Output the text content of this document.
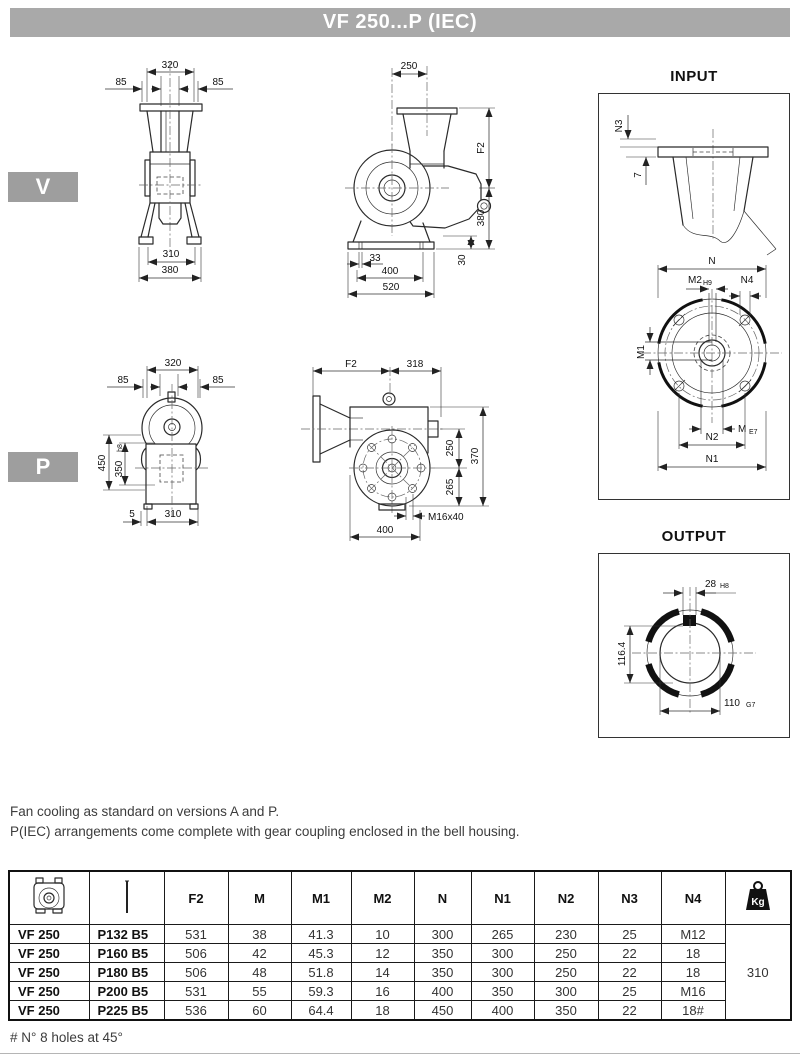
VF 250...P (IEC)
V
P
320
85	85
310
380
250
F2
380
30
33
400
520
INPUT
N3
7
M1
M2 H9	N4
M E7
N2
N1
N
320
85	85
450 350
h8
5	310
F2	318
370
250
265
M16x40
400	OUTPUT
28 H8
116.4
110 G7
Fan cooling as standard on versions A and P.
P(IEC) arrangements come complete with gear coupling enclosed in the bell housing.
		F2	M	M1	M2	N	N1	N2	N3	N4	Kg

VF 250	P132 B5	531	38	41.3	10	300	265	230	25	M12	310
VF 250	P160 B5	506	42	45.3	12	350	300	250	22	18	
VF 250	P180 B5	506	48	51.8	14	350	300	250	22	18	
VF 250	P200 B5	531	55	59.3	16	400	350	300	25	M16	
VF 250	P225 B5	536	60	64.4	18	450	400	350	22	18#	
# N° 8 holes at 45°
